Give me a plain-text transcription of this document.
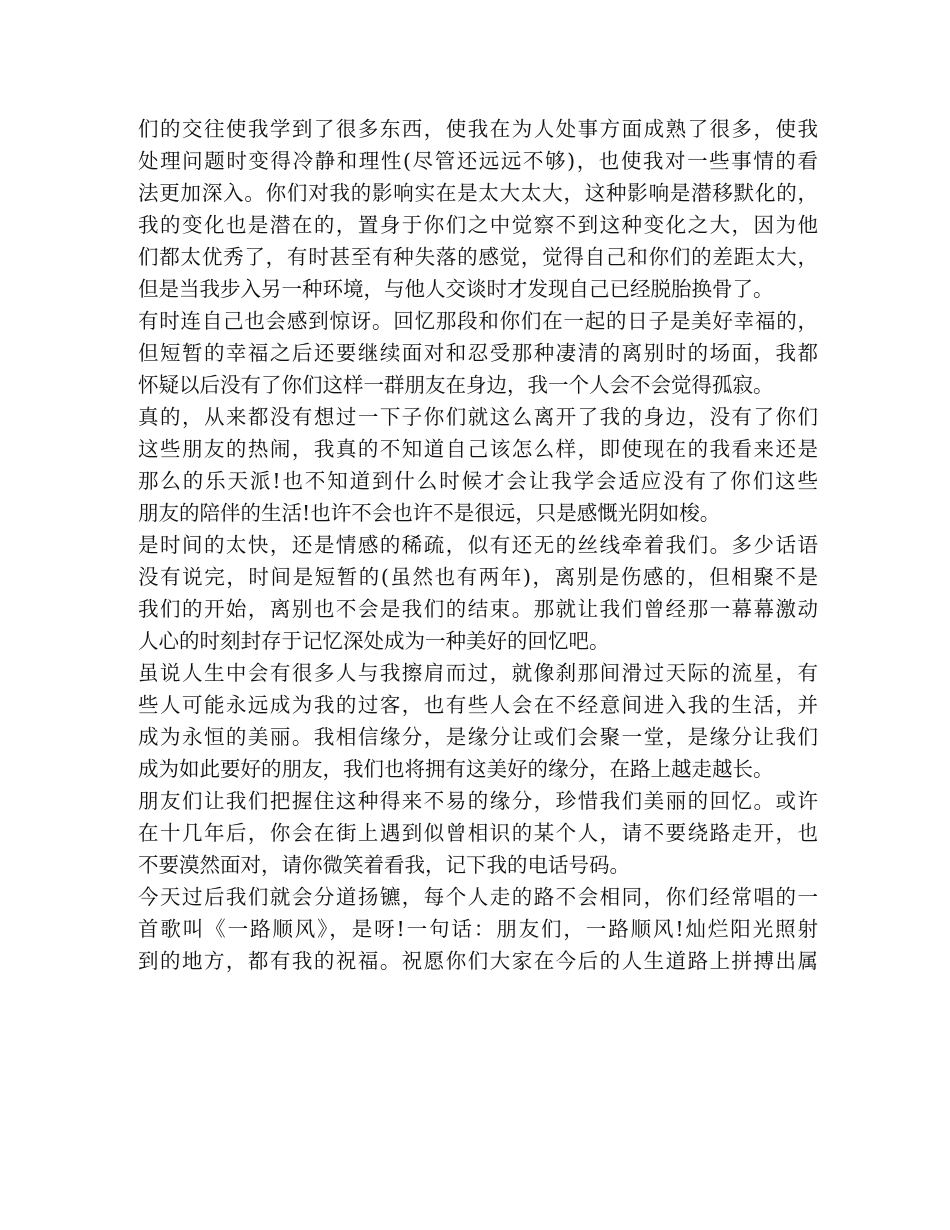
们的交往使我学到了很多东西，使我在为人处事方面成熟了很多，使我
处理问题时变得冷静和理性(尽管还远远不够)，也使我对一些事情的看
法更加深入。你们对我的影响实在是太大太大，这种影响是潜移默化的，
我的变化也是潜在的，置身于你们之中觉察不到这种变化之大，因为他
们都太优秀了，有时甚至有种失落的感觉，觉得自己和你们的差距太大，
但是当我步入另一种环境，与他人交谈时才发现自己已经脱胎换骨了。
有时连自己也会感到惊讶。回忆那段和你们在一起的日子是美好幸福的，
但短暂的幸福之后还要继续面对和忍受那种凄清的离别时的场面，我都
怀疑以后没有了你们这样一群朋友在身边，我一个人会不会觉得孤寂。
真的，从来都没有想过一下子你们就这么离开了我的身边，没有了你们
这些朋友的热闹，我真的不知道自己该怎么样，即使现在的我看来还是
那么的乐天派!也不知道到什么时候才会让我学会适应没有了你们这些
朋友的陪伴的生活!也许不会也许不是很远，只是感慨光阴如梭。
是时间的太快，还是情感的稀疏，似有还无的丝线牵着我们。多少话语
没有说完，时间是短暂的(虽然也有两年)，离别是伤感的，但相聚不是
我们的开始，离别也不会是我们的结束。那就让我们曾经那一幕幕激动
人心的时刻封存于记忆深处成为一种美好的回忆吧。
虽说人生中会有很多人与我擦肩而过，就像刹那间滑过天际的流星，有
些人可能永远成为我的过客，也有些人会在不经意间进入我的生活，并
成为永恒的美丽。我相信缘分，是缘分让或们会聚一堂，是缘分让我们
成为如此要好的朋友，我们也将拥有这美好的缘分，在路上越走越长。
朋友们让我们把握住这种得来不易的缘分，珍惜我们美丽的回忆。或许
在十几年后，你会在街上遇到似曾相识的某个人，请不要绕路走开，也
不要漠然面对，请你微笑着看我，记下我的电话号码。
今天过后我们就会分道扬镳，每个人走的路不会相同，你们经常唱的一
首歌叫《一路顺风》，是呀!一句话：朋友们，一路顺风!灿烂阳光照射
到的地方，都有我的祝福。祝愿你们大家在今后的人生道路上拼搏出属
